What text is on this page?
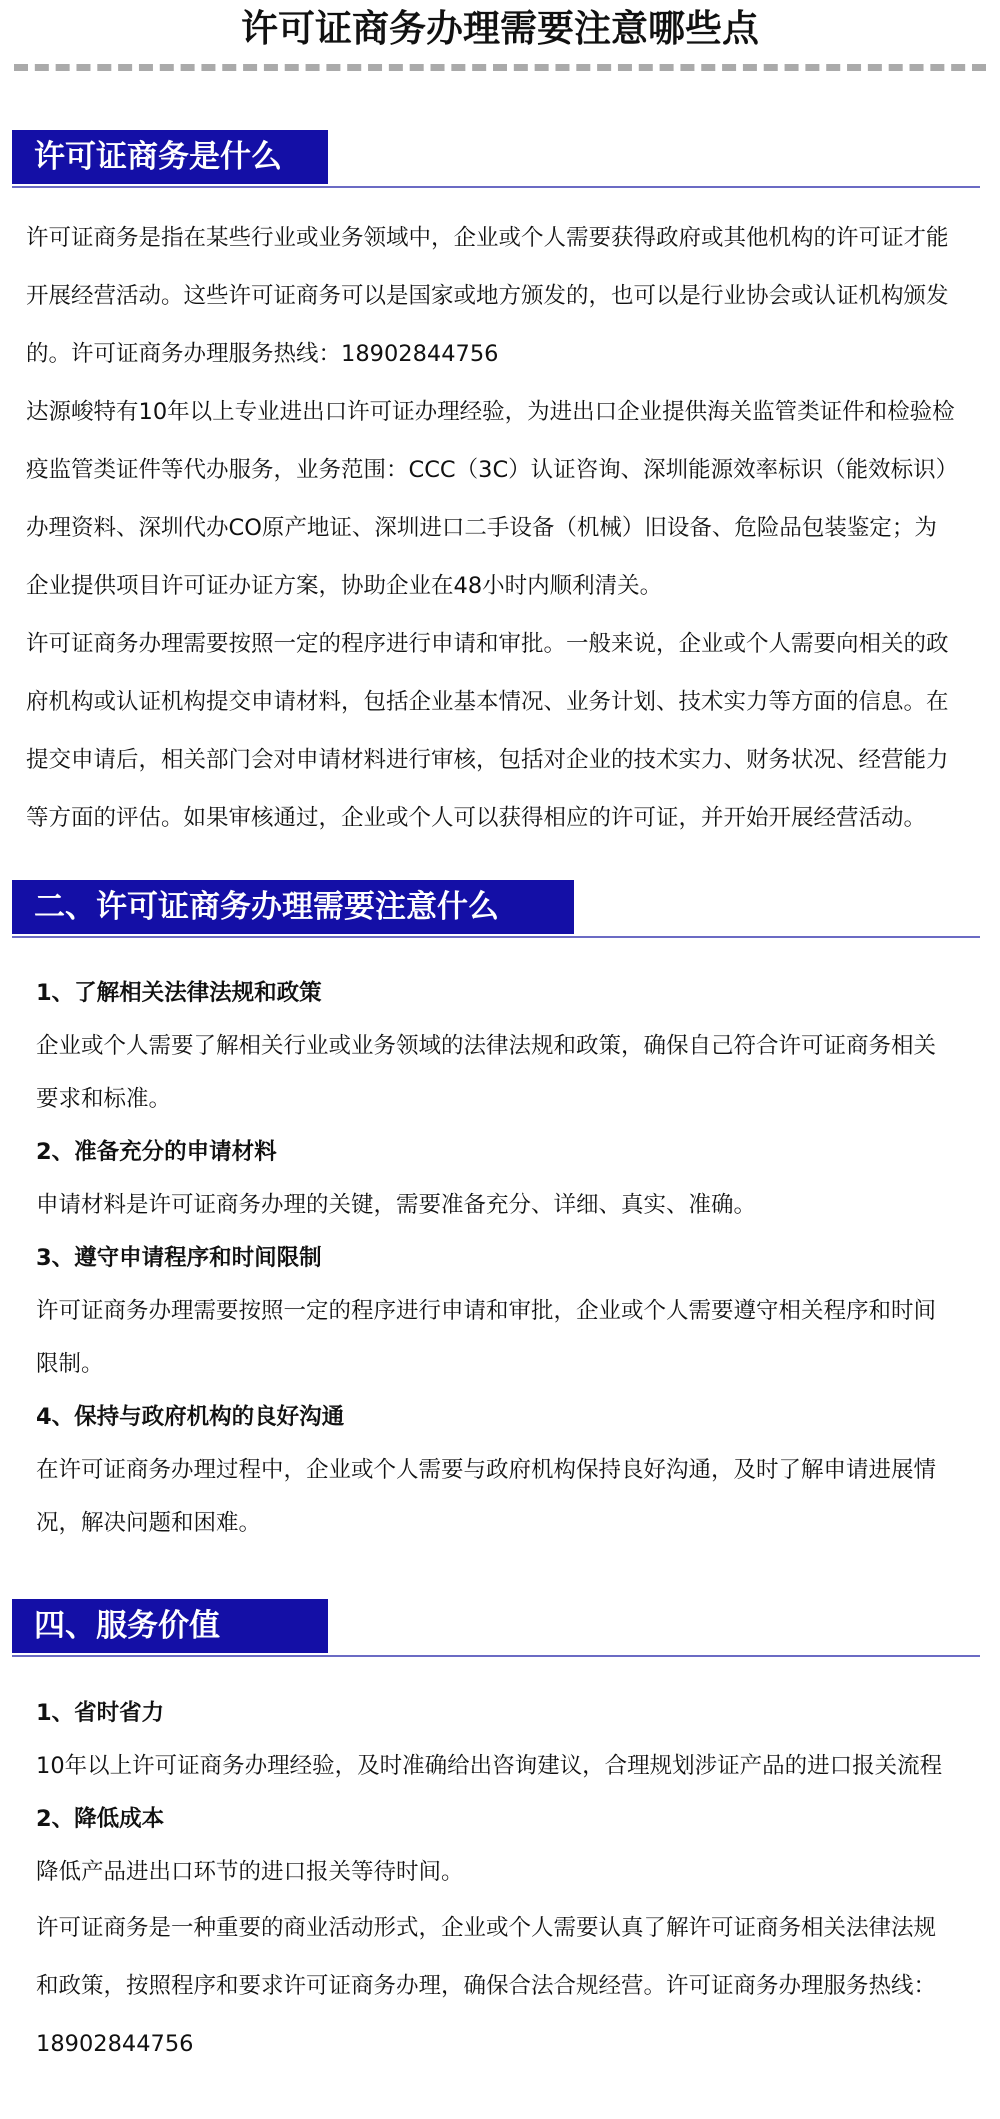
许可证商务办理需要注意哪些点
许可证商务是什么

许可证商务是指在某些行业或业务领域中，企业或个人需要获得政府或其他机构的许可证才能

开展经营活动。这些许可证商务可以是国家或地方颁发的，也可以是行业协会或认证机构颁发

的。许可证商务办理服务热线：18902844756

达源峻特有10年以上专业进出口许可证办理经验，为进出口企业提供海关监管类证件和检验检

疫监管类证件等代办服务，业务范围：CCC（3C）认证咨询、深圳能源效率标识（能效标识）

办理资料、深圳代办CO原产地证、深圳进口二手设备（机械）旧设备、危险品包装鉴定；为

企业提供项目许可证办证方案，协助企业在48小时内顺利清关。

许可证商务办理需要按照一定的程序进行申请和审批。一般来说，企业或个人需要向相关的政

府机构或认证机构提交申请材料，包括企业基本情况、业务计划、技术实力等方面的信息。在

提交申请后，相关部门会对申请材料进行审核，包括对企业的技术实力、财务状况、经营能力

等方面的评估。如果审核通过，企业或个人可以获得相应的许可证，并开始开展经营活动。

二、许可证商务办理需要注意什么

1、了解相关法律法规和政策

企业或个人需要了解相关行业或业务领域的法律法规和政策，确保自己符合许可证商务相关

要求和标准。

2、准备充分的申请材料

申请材料是许可证商务办理的关键，需要准备充分、详细、真实、准确。

3、遵守申请程序和时间限制

许可证商务办理需要按照一定的程序进行申请和审批，企业或个人需要遵守相关程序和时间

限制。

4、保持与政府机构的良好沟通

在许可证商务办理过程中，企业或个人需要与政府机构保持良好沟通，及时了解申请进展情

况，解决问题和困难。

四、服务价值

1、省时省力

10年以上许可证商务办理经验，及时准确给出咨询建议，合理规划涉证产品的进口报关流程

2、降低成本

降低产品进出口环节的进口报关等待时间。

许可证商务是一种重要的商业活动形式，企业或个人需要认真了解许可证商务相关法律法规

和政策，按照程序和要求许可证商务办理，确保合法合规经营。许可证商务办理服务热线：

18902844756
